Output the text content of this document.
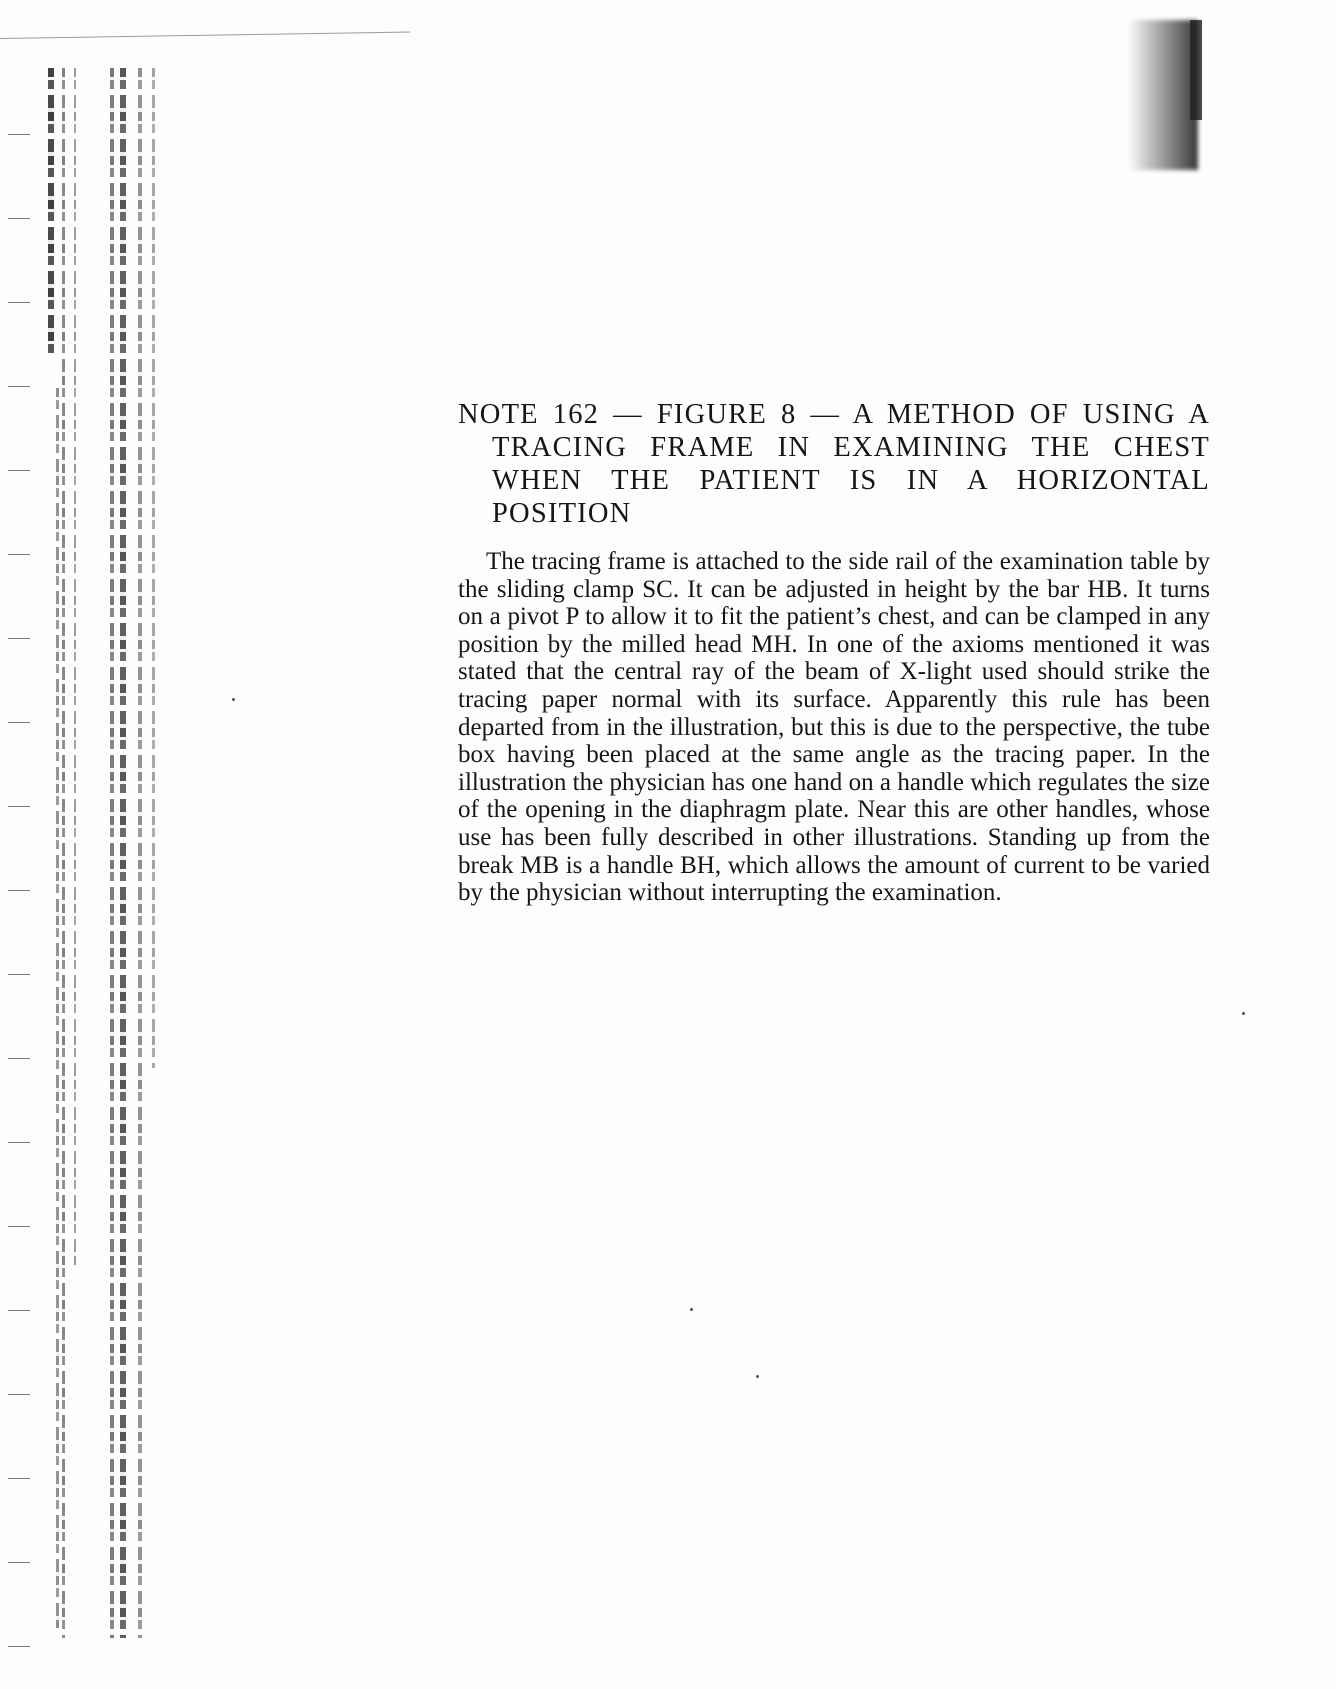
NOTE 162 — FIGURE 8 — A METHOD OF USING A TRACING FRAME IN EXAMINING THE CHEST WHEN THE PATIENT IS IN A HORIZONTAL POSITION

The tracing frame is attached to the side rail of the examination table by the sliding clamp SC. It can be adjusted in height by the bar HB. It turns on a pivot P to allow it to fit the patient’s chest, and can be clamped in any position by the milled head MH. In one of the axioms mentioned it was stated that the central ray of the beam of X-light used should strike the tracing paper normal with its surface. Apparently this rule has been departed from in the illustration, but this is due to the perspective, the tube box having been placed at the same angle as the tracing paper. In the illustration the physician has one hand on a handle which regulates the size of the opening in the diaphragm plate. Near this are other handles, whose use has been fully described in other illustrations. Standing up from the break MB is a handle BH, which allows the amount of current to be varied by the physician without interrupting the examination.
